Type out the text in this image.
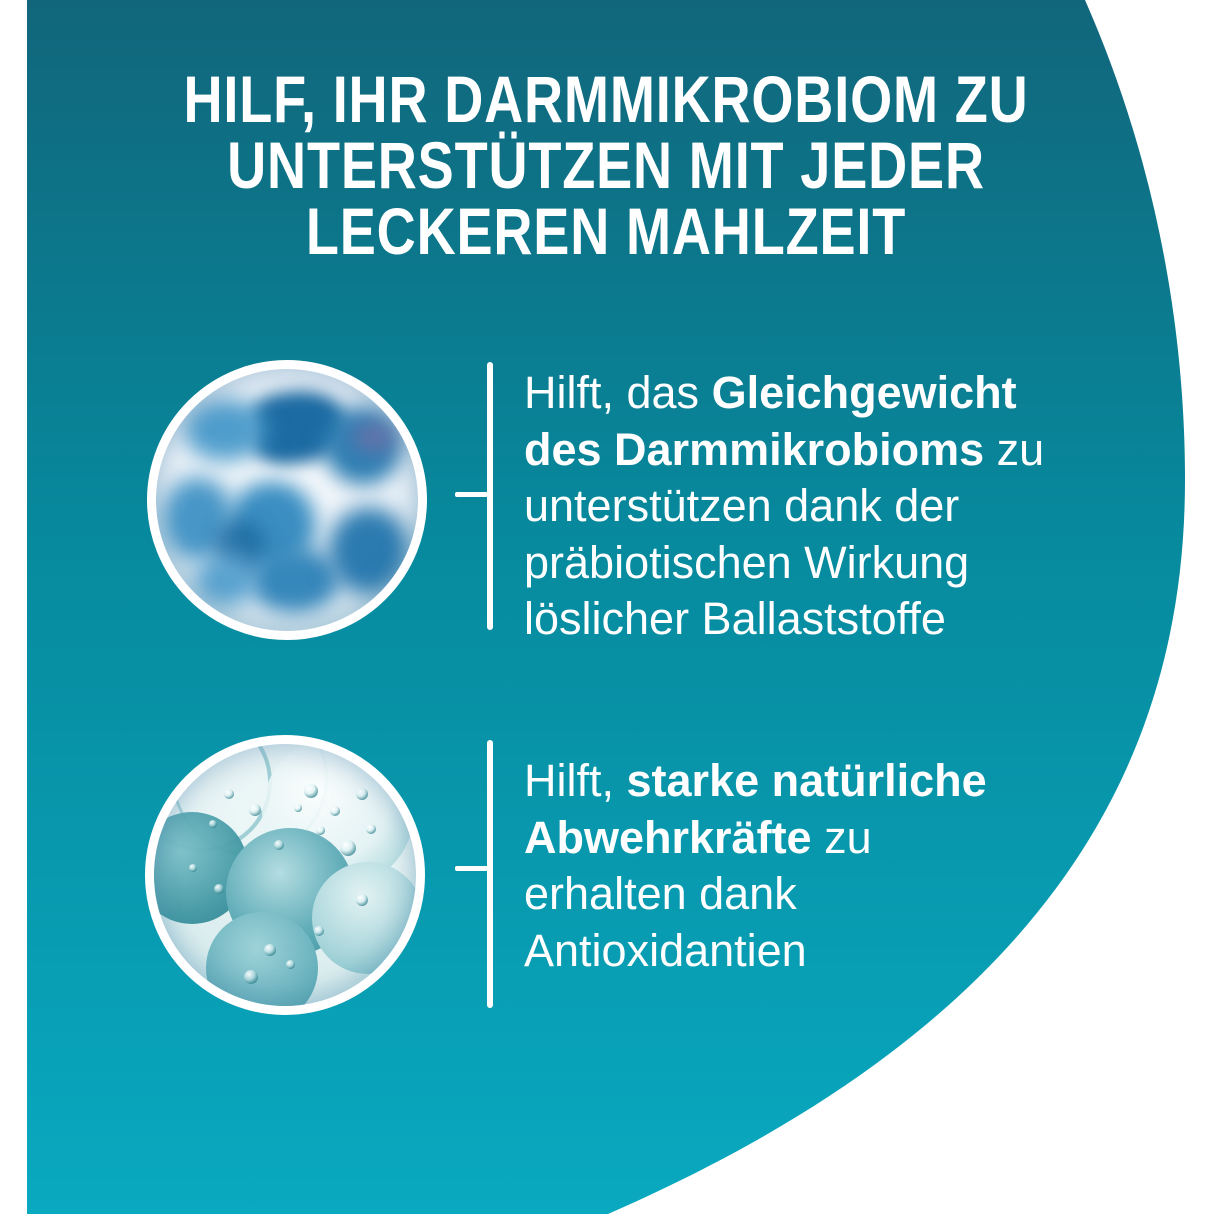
HILF, IHR DARMMIKROBIOM ZU
UNTERSTÜTZEN MIT JEDER
LECKEREN MAHLZEIT
Hilft, das Gleichgewicht
des Darmmikrobioms zu
unterstützen dank der
präbiotischen Wirkung
löslicher Ballaststoffe
Hilft, starke natürliche
Abwehrkräfte zu
erhalten dank
Antioxidantien
